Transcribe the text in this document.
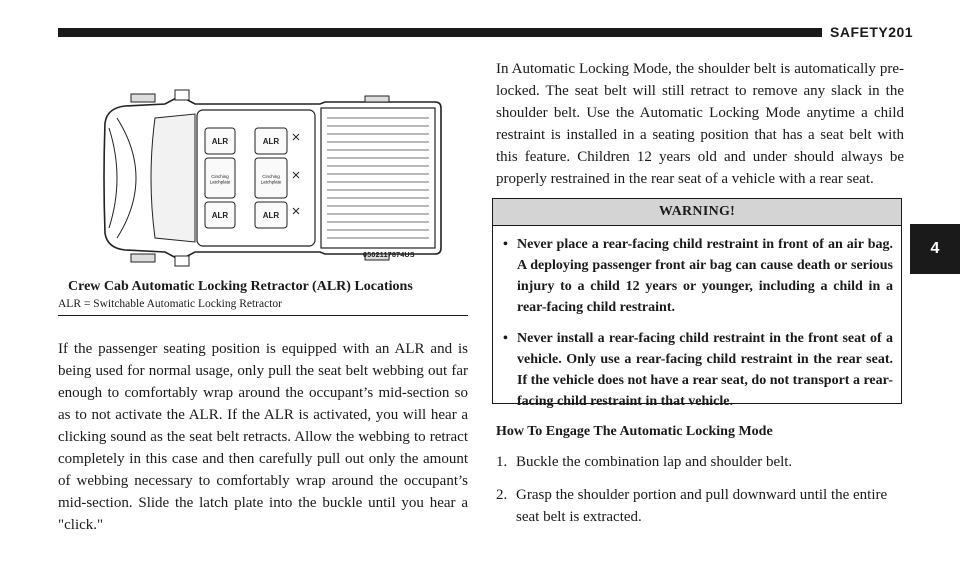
SAFETY 201
4
ALR	ALR
ALR
ALR
Cinching Latchplate
Cinching Latchplate
0502117874US
Crew Cab Automatic Locking Retractor (ALR) Locations
ALR = Switchable Automatic Locking Retractor

If the passenger seating position is equipped with an ALR and is being used for normal usage, only pull the seat belt webbing out far enough to comfortably wrap around the occupant’s mid-section so as to not activate the ALR. If the ALR is activated, you will hear a clicking sound as the seat belt retracts. Allow the webbing to retract completely in this case and then carefully pull out only the amount of webbing necessary to comfortably wrap around the occupant’s mid-section. Slide the latch plate into the buckle until you hear a "click."

In Automatic Locking Mode, the shoulder belt is automatically pre-locked. The seat belt will still retract to remove any slack in the shoulder belt. Use the Automatic Locking Mode anytime a child restraint is installed in a seating position that has a seat belt with this feature. Children 12 years old and under should always be properly restrained in the rear seat of a vehicle with a rear seat.

WARNING!
• Never place a rear-facing child restraint in front of an air bag. A deploying passenger front air bag can cause death or serious injury to a child 12 years or younger, including a child in a rear-facing child restraint.
• Never install a rear-facing child restraint in the front seat of a vehicle. Only use a rear-facing child restraint in the rear seat. If the vehicle does not have a rear seat, do not transport a rear-facing child restraint in that vehicle.
How To Engage The Automatic Locking Mode
1. Buckle the combination lap and shoulder belt.
2. Grasp the shoulder portion and pull downward until the entire seat belt is extracted.
